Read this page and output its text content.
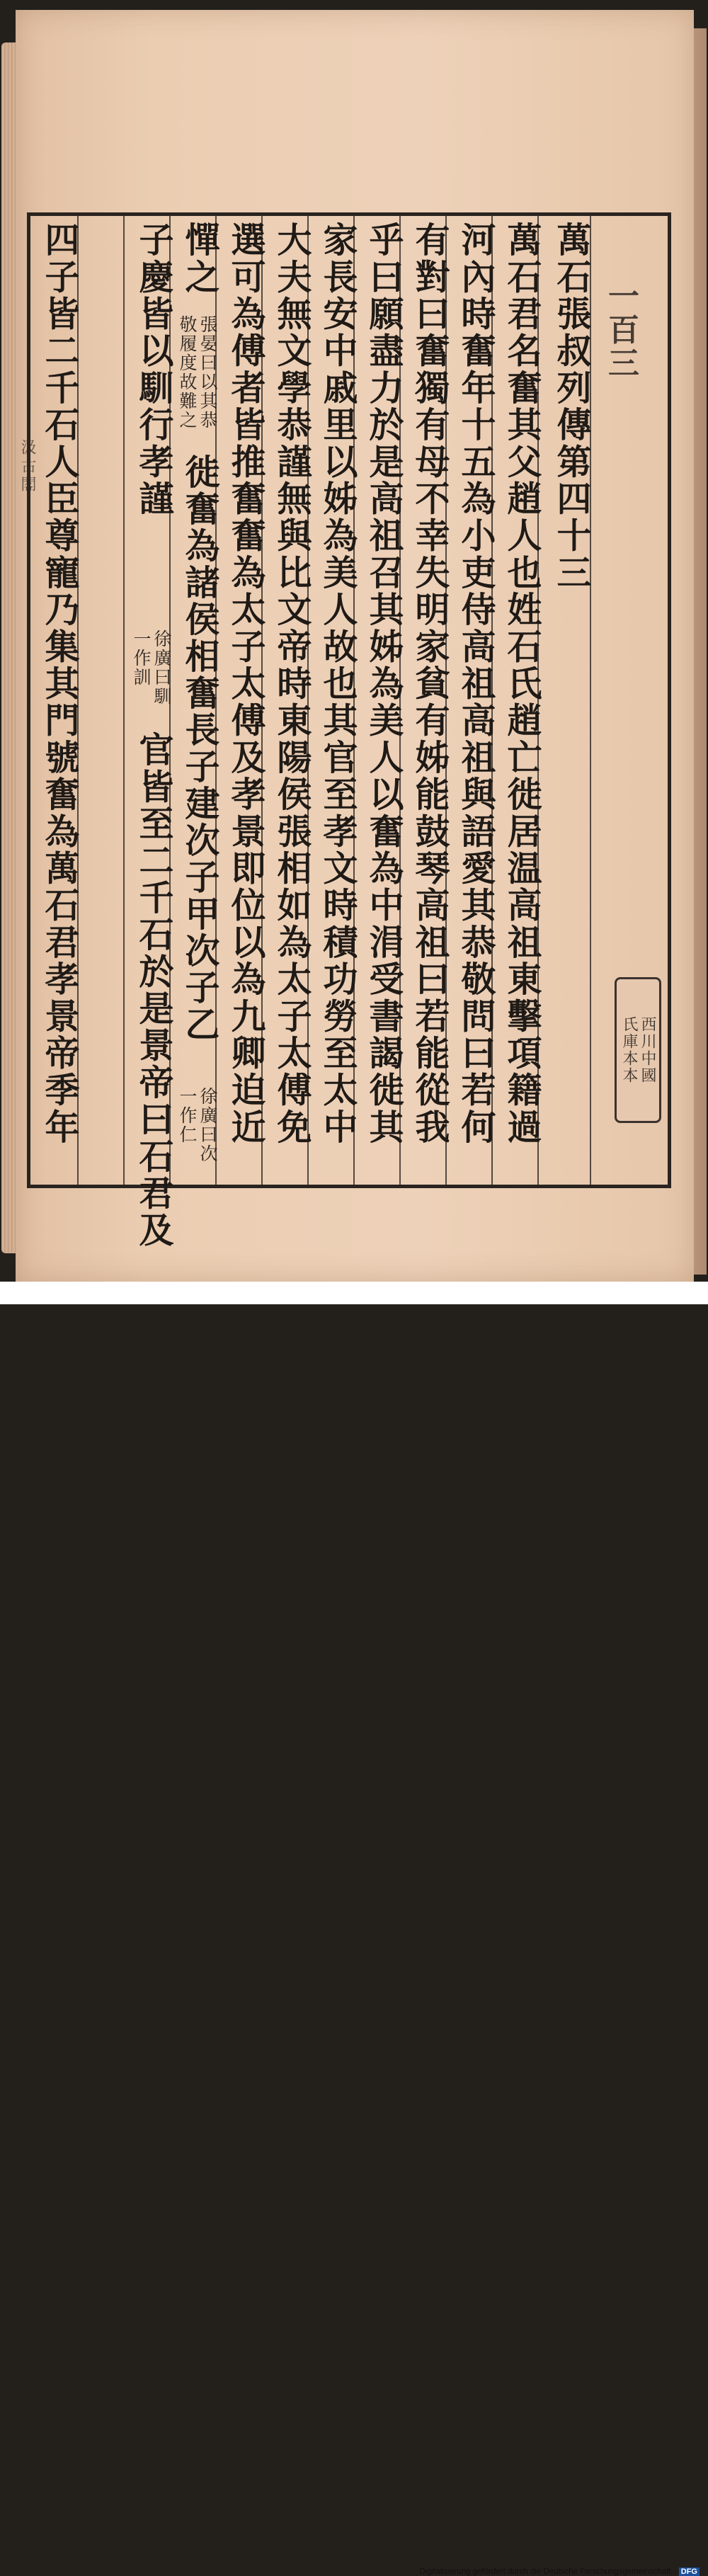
汲古閣	萬石張叔列傳第四十三 一百三
萬石君名奮其父趙人也姓石氏趙亡徙居温高祖東擊項籍過
河內時奮年十五為小吏侍高祖高祖與語愛其恭敬問曰若何
有對曰奮獨有母不幸失明家貧有姊能鼓琴高祖曰若能從我
乎曰願盡力於是高祖召其姊為美人以奮為中涓受書謁徙其
家長安中戚里以姊為美人故也其官至孝文時積功勞至太中
大夫無文學恭謹無與比文帝時東陽侯張相如為太子太傅免
選可為傅者皆推奮奮為太子太傅及孝景即位以為九卿迫近
憚之
張晏曰以其恭
敬履度故難之
徙奮為諸侯相奮長子建次子甲次子乙
徐廣曰次
一作仁
子慶皆以馴行孝謹
徐廣曰馴
一作訓
官皆至二千石於是景帝曰石君及
四子皆二千石人臣尊寵乃集其門號奮為萬石君孝景帝季年	西川中國
氏庫本本
Digitalisierung gefördert durch die Deutsche Forschungsgemeinschaft - DFG
